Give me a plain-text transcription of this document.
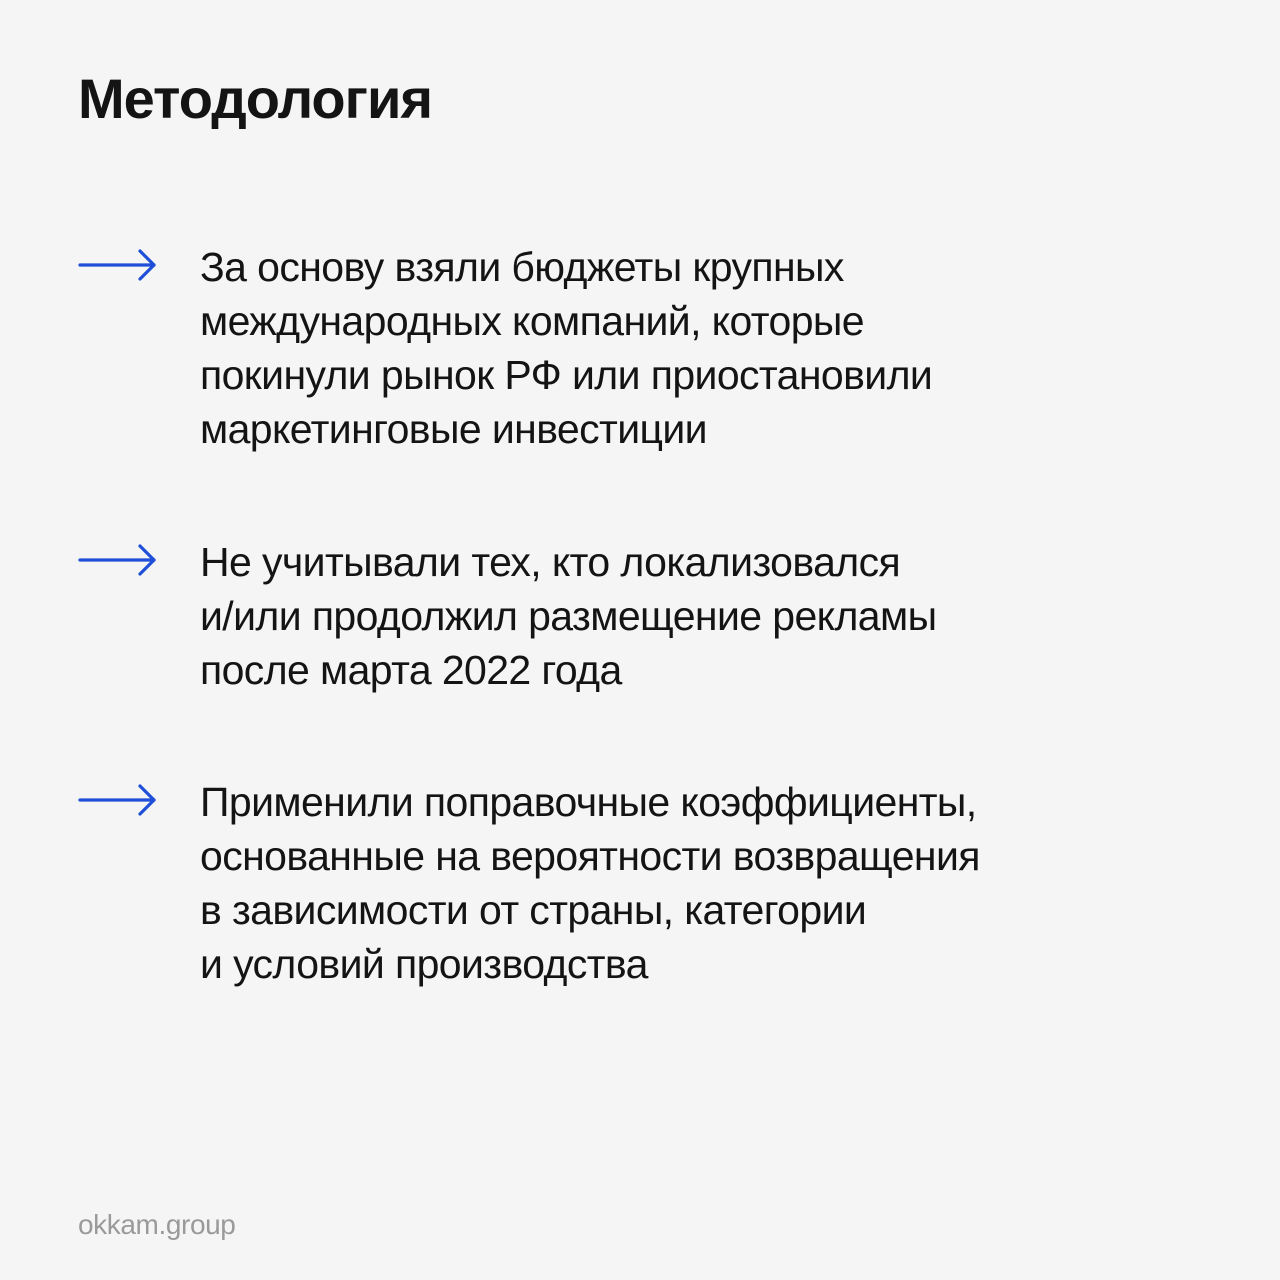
Методология
За основу взяли бюджеты крупных
международных компаний, которые
покинули рынок РФ или приостановили
маркетинговые инвестиции
Не учитывали тех, кто локализовался
и/или продолжил размещение рекламы
после марта 2022 года
Применили поправочные коэффициенты,
основанные на вероятности возвращения
в зависимости от страны, категории
и условий производства
okkam.group
